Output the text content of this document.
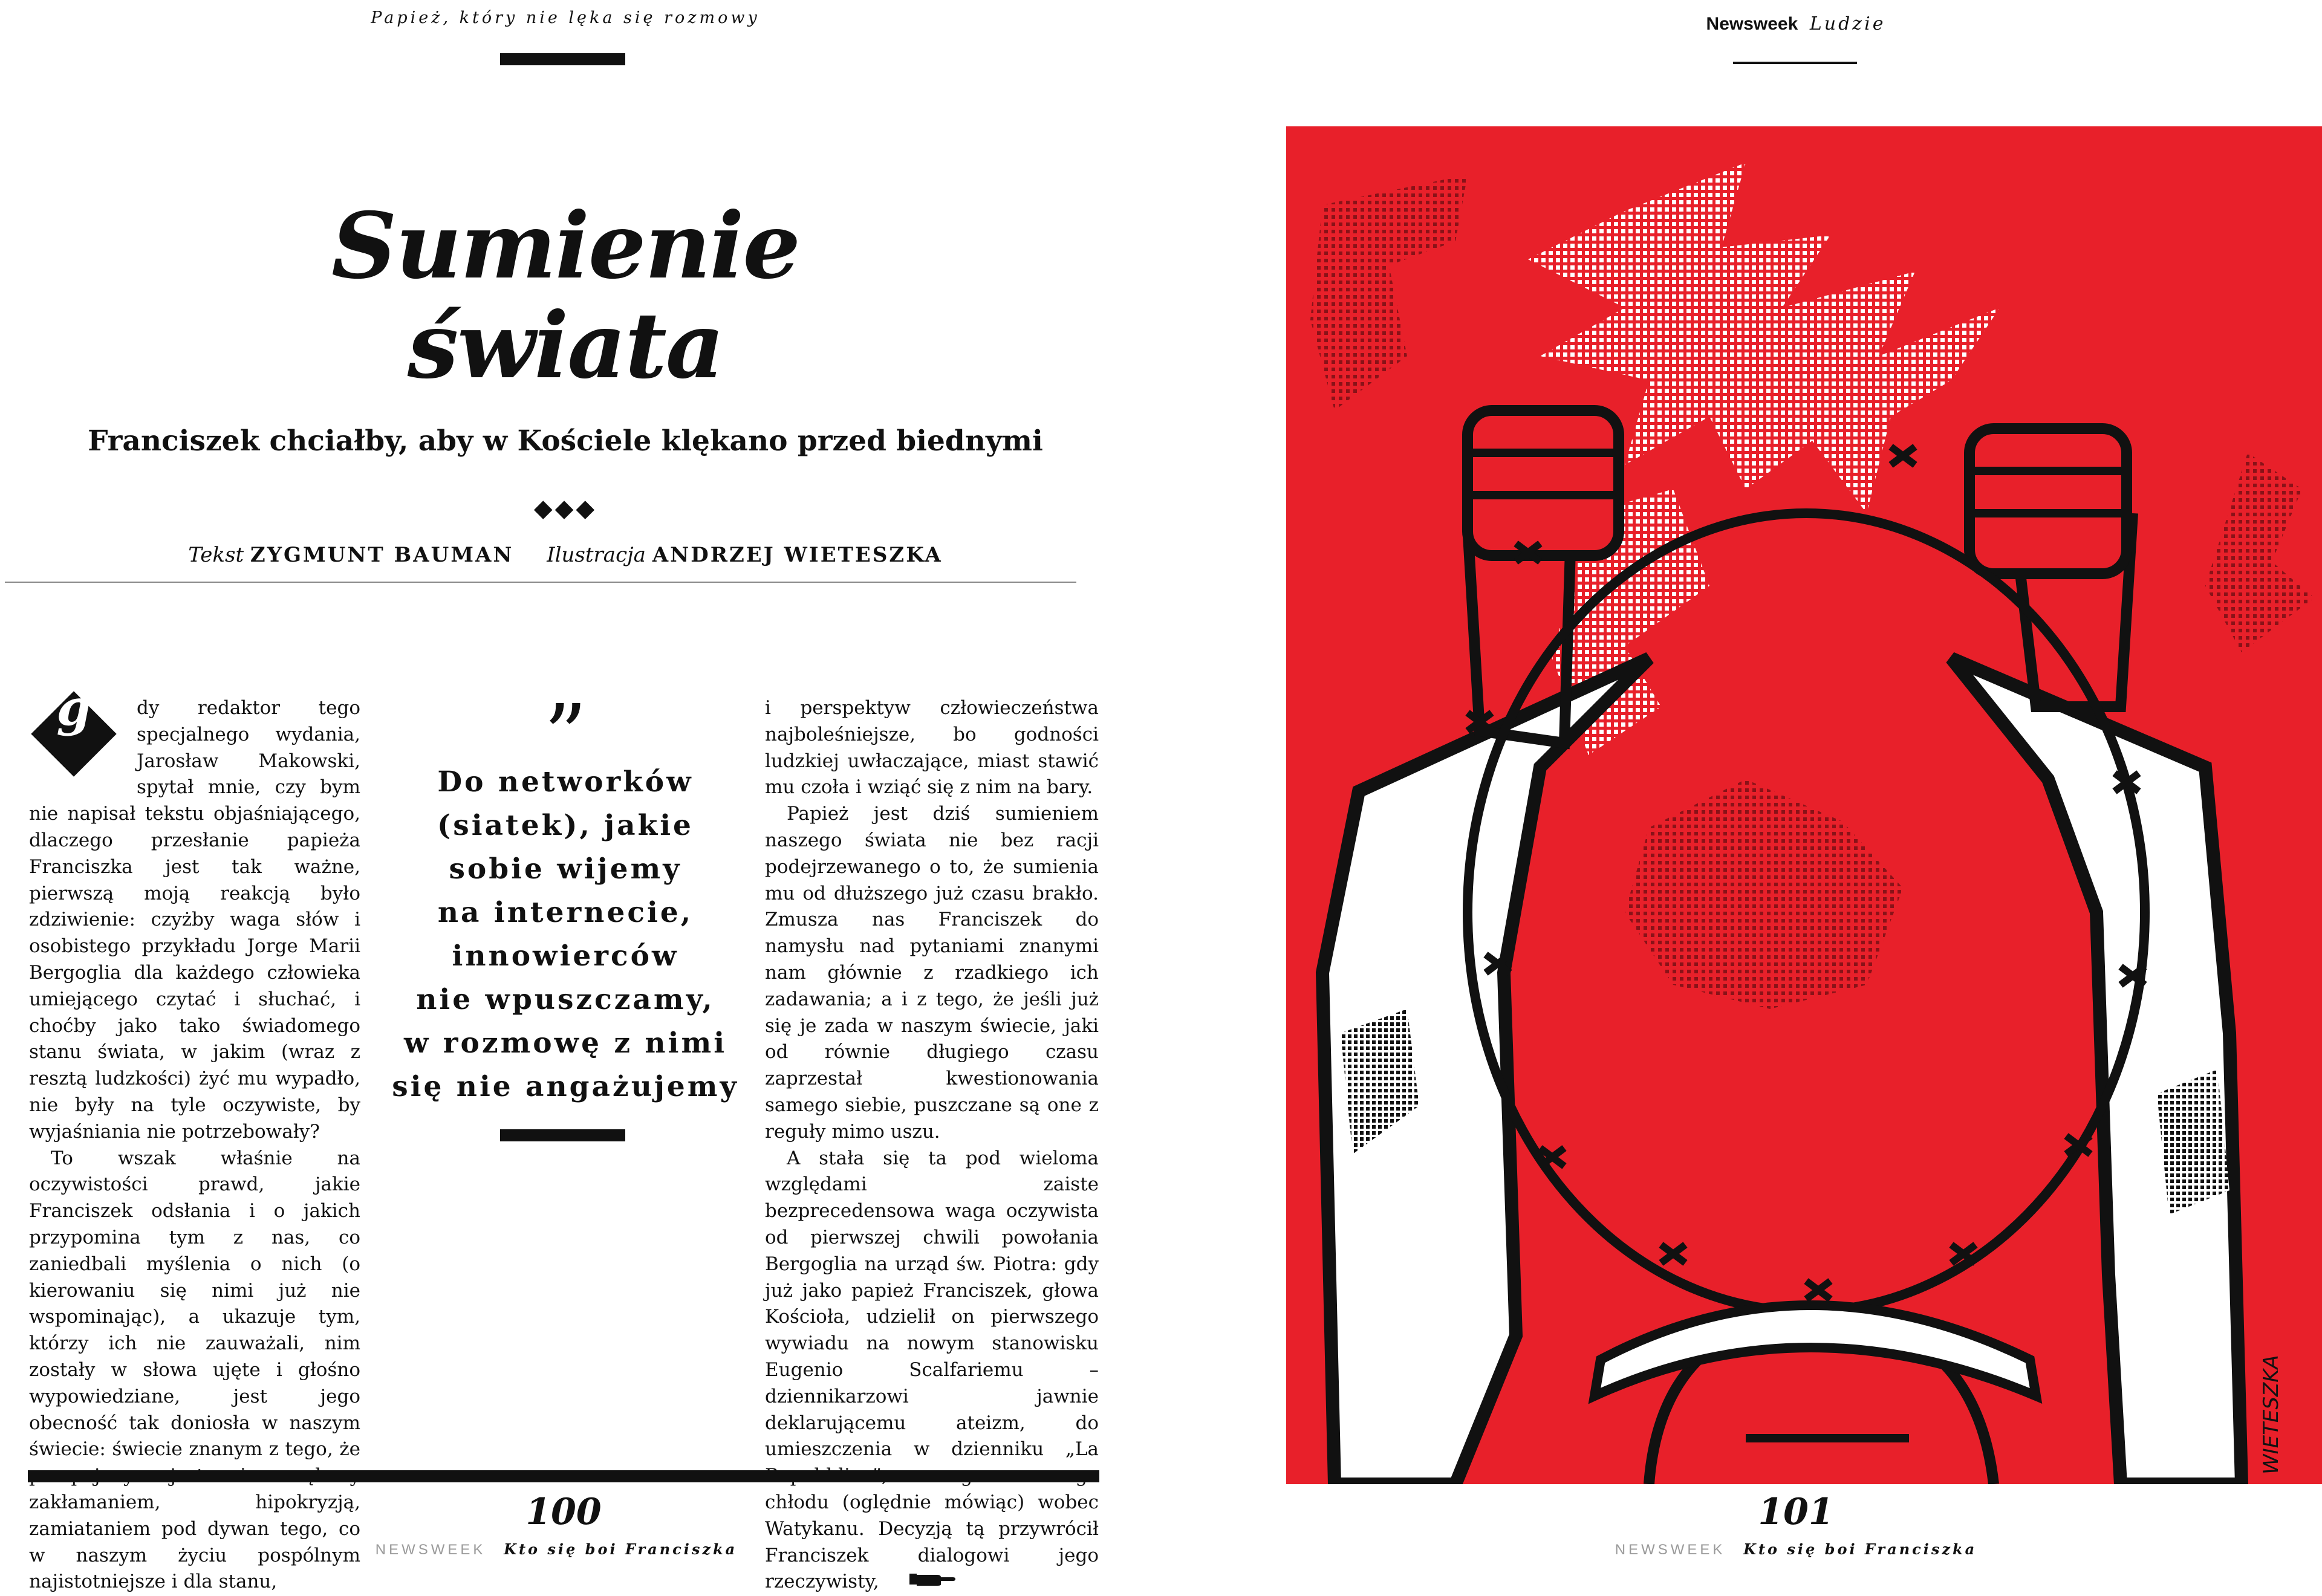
Papież, który nie lęka się rozmowy
Sumienie
świata
Franciszek chciałby, aby w Kościele klękano przed biednymi
◆◆◆
Tekst ZYGMUNT BAUMAN Ilustracja ANDRZEJ WIETESZKA

g	dy redaktor tego specjalnego wydania, Jarosław Makowski, spytał mnie, czy bym nie napisał tekstu objaśniającego, dlaczego przesłanie papieża Franciszka jest tak ważne, pierwszą moją reakcją było zdziwienie: czyżby waga słów i osobistego przykładu Jorge Marii Bergoglia dla każdego człowieka umiejącego czytać i słuchać, i choćby jako tako świadomego stanu świata, w jakim (wraz z resztą ludzkości) żyć mu wypadło, nie były na tyle oczywiste, by wyjaśniania nie potrzebowały?

To wszak właśnie na oczywistości prawd, jakie Franciszek odsłania i o jakich przypomina tym z nas, co zaniedbali myślenia o nich (o kierowaniu się nimi już nie wspominając), a ukazuje tym, którzy ich nie zauważali, nim zostały w słowa ujęte i głośno wypowiedziane, jest jego obecność tak doniosła w naszym świecie: świecie znanym z tego, że zakłamaniem, hipokryzją, zamiataniem pod dywan tego, co w naszym życiu pospólnym najistotniejsze i dla stanu,

”
Do networków
(siatek), jakie
sobie wijemy
na internecie,
innowierców
nie wpuszczamy,
w rozmowę z nimi
się nie angażujemy

i perspektyw człowieczeństwa najboleśniejsze, bo godności ludzkiej uwłaczające, miast stawić mu czoła i wziąć się z nim na bary.

Papież jest dziś sumieniem naszego świata nie bez racji podejrzewanego o to, że sumienia mu od dłuższego już czasu brakło. Zmusza nas Franciszek do namysłu nad pytaniami znanymi nam głównie z rzadkiego ich zadawania; a i z tego, że jeśli już się je zada w naszym świecie, jaki od równie długiego czasu zaprzestał kwestionowania samego siebie, puszczane są one z reguły mimo uszu.

A stała się ta pod wieloma względami zaiste bezprecedensowa waga oczywista od pierwszej chwili powołania Bergoglia na urząd św. Piotra: gdy już jako papież Franciszek, głowa Kościoła, udzielił on pierwszego wywiadu na nowym stanowisku Eugenio Scalfariemu – dziennikarzowi jawnie deklarującemu ateizm, do umieszczenia w dzienniku „La chłodu (oględnie mówiąc) wobec Watykanu. Decyzją tą przywrócił Franciszek dialogowi jego rzeczywisty,

100
NEWSWEEK Kto się boi Franciszka
Newsweek Ludzie
WIETESZKA
101
NEWSWEEK Kto się boi Franciszka
